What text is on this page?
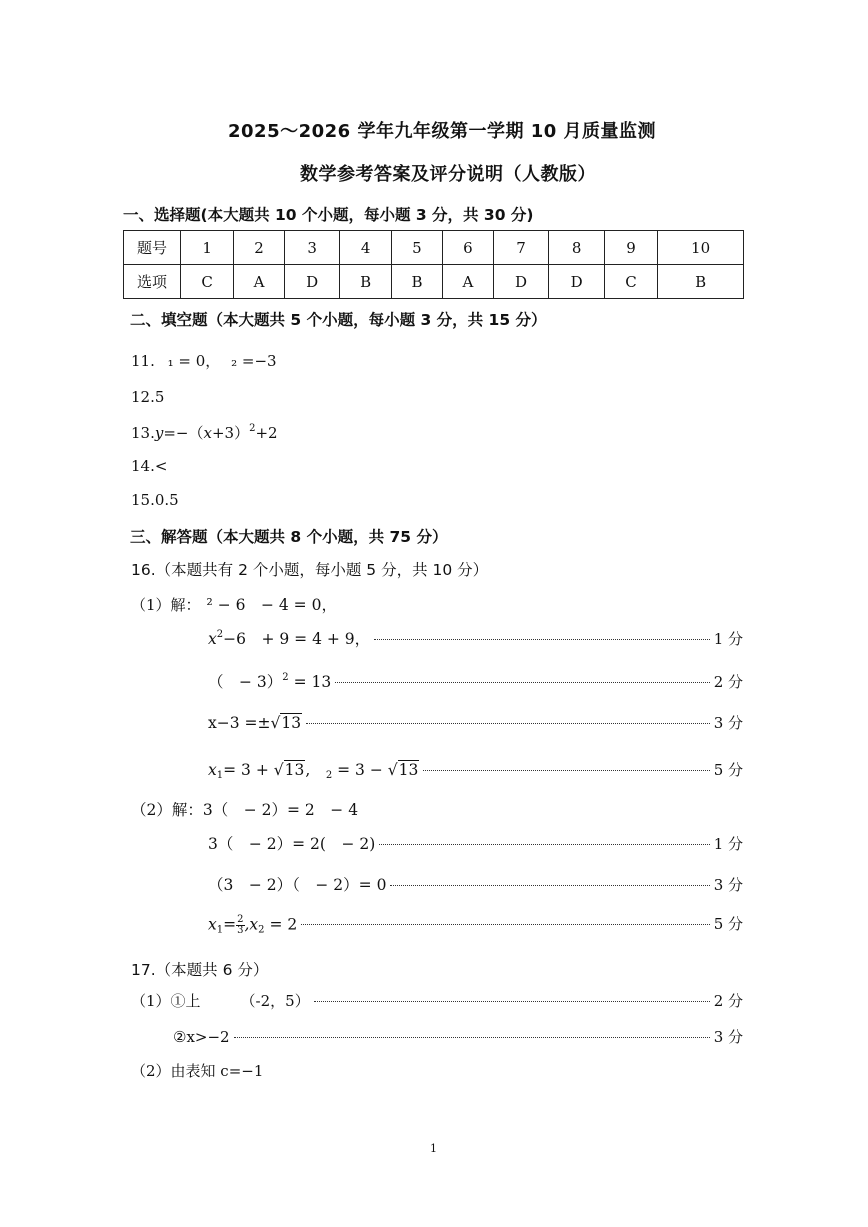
2025～2026 学年九年级第一学期 10 月质量监测
数学参考答案及评分说明（人教版）
一、选择题(本大题共 10 个小题，每小题 3 分，共 30 分)
题号	1	2	3	4	5	6	7	8	9	10
选项	C	A	D	B	B	A	D	D	C	B
二、填空题（本大题共 5 个小题，每小题 3 分，共 15 分）
11. ₁ = 0， ₂ =−3
12.5
$13.y=-(x+3)^2+2$
14.<
15.0.5
三、解答题（本大题共 8 个小题，共 75 分）
16.（本题共有 2 个小题，每小题 5 分，共 10 分）
（1）解： ² − 6　− 4 = 0，
$x^2-6$　+ 9 = 4 + 9，	1 分
（　− 3）$^2$ = 13	2 分
x−3 =±√13	3 分
$x_1= 3 + √13$,　$_2$ = 3 − √13	5 分
（2）解：3（　− 2）= 2　− 4
3（　− 2）= 2(　− 2)	1 分
（3　− 2）（　− 2）= 0	3 分
$x_1= \frac{2}{3} ,x_2 = 2$	5 分
17.（本题共 6 分）
（1）①上	（-2，5）	2 分
②x>−2	3 分
（2）由表知 c=−1
1
